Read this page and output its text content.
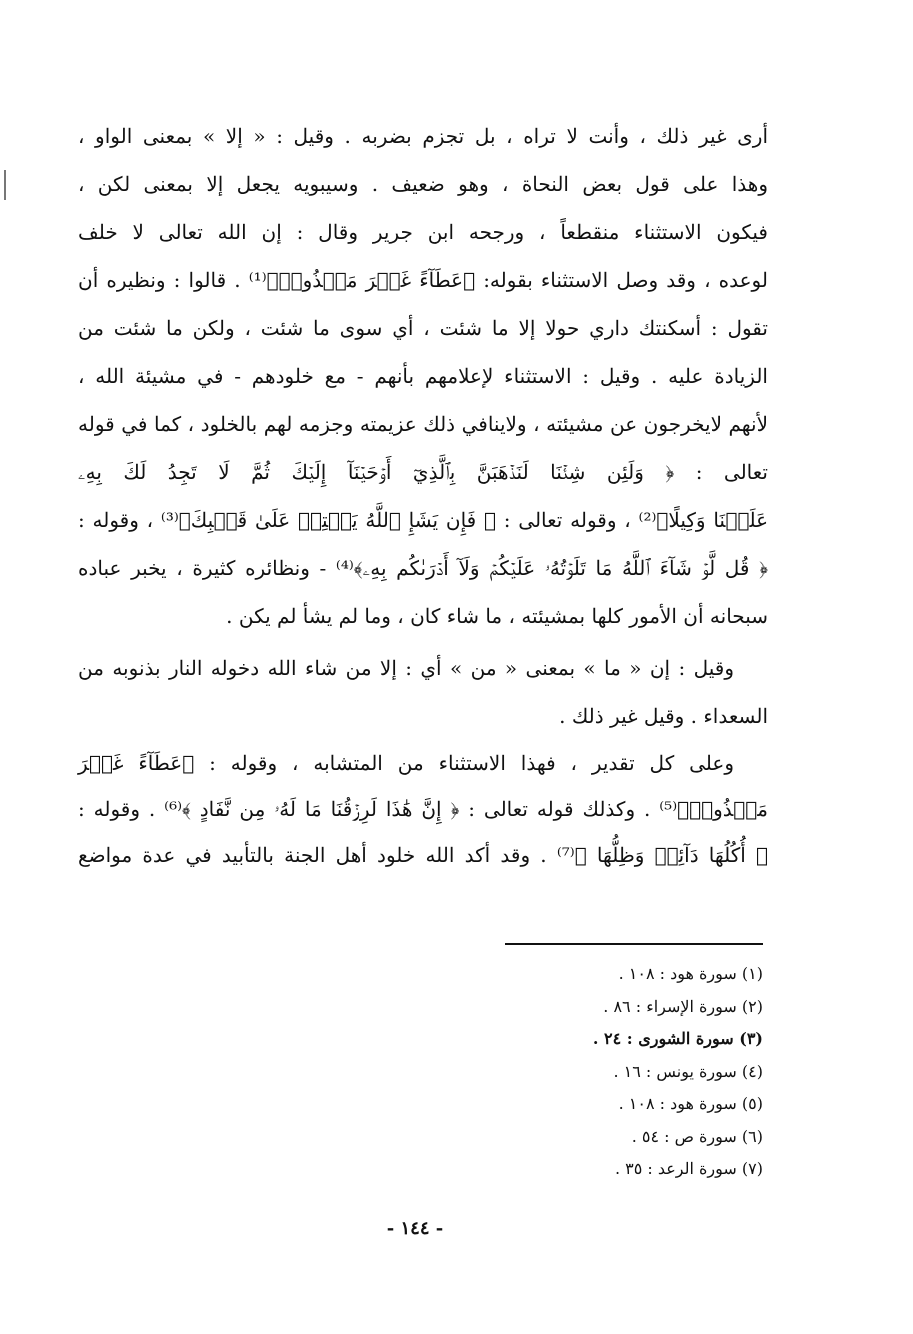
أرى غير ذلك ، وأنت لا تراه ، بل تجزم بضربه . وقيل : « إلا » بمعنى الواو ،
وهذا على قول بعض النحاة ، وهو ضعيف . وسيبويه يجعل إلا بمعنى لكن ،
فيكون الاستثناء منقطعاً ، ورجحه ابن جرير وقال : إن الله تعالى لا خلف
لوعده ، وقد وصل الاستثناء بقوله: ﴿عَطَآءً غَيۡرَ مَجۡذُوذٖ﴾⁽¹⁾ . قالوا : ونظيره أن
تقول : أسكنتك داري حولا إلا ما شئت ، أي سوى ما شئت ، ولكن ما شئت من
الزيادة عليه . وقيل : الاستثناء لإعلامهم بأنهم - مع خلودهم - في مشيئة الله ،
لأنهم لايخرجون عن مشيئته ، ولاينافي ذلك عزيمته وجزمه لهم بالخلود ، كما في قوله
تعالى : ﴿ وَلَئِن شِئۡنَا لَنَذۡهَبَنَّ بِٱلَّذِيٓ أَوۡحَيۡنَآ إِلَيۡكَ ثُمَّ لَا تَجِدُ لَكَ بِهِۦ
عَلَيۡنَا وَكِيلًا﴾⁽²⁾ ، وقوله تعالى : ﴿ فَإِن يَشَإِ ٱللَّهُ يَخۡتِمۡ عَلَىٰ قَلۡبِكَ﴾⁽³⁾ ، وقوله :
﴿ قُل لَّوۡ شَآءَ ٱللَّهُ مَا تَلَوۡتُهُۥ عَلَيۡكُمۡ وَلَآ أَدۡرَىٰكُم بِهِۦ﴾⁽⁴⁾ - ونظائره كثيرة ، يخبر عباده
سبحانه أن الأمور كلها بمشيئته ، ما شاء كان ، وما لم يشأ لم يكن .
وقيل : إن « ما » بمعنى « من » أي : إلا من شاء الله دخوله النار بذنوبه من
السعداء . وقيل غير ذلك .
وعلى كل تقدير ، فهذا الاستثناء من المتشابه ، وقوله : ﴿عَطَآءً غَيۡرَ
مَجۡذُوذٖ﴾⁽⁵⁾ . وكذلك قوله تعالى : ﴿ إِنَّ هَٰذَا لَرِزۡقُنَا مَا لَهُۥ مِن نَّفَادٍ ﴾⁽⁶⁾ . وقوله :
﴿ أُكُلُهَا دَآئِمٞ وَظِلُّهَا ﴾⁽⁷⁾ . وقد أكد الله خلود أهل الجنة بالتأبيد في عدة مواضع
(١) سورة هود : ١٠٨ .
(٢) سورة الإسراء : ٨٦ .
(٣) سورة الشورى : ٢٤ .
(٤) سورة يونس : ١٦ .
(٥) سورة هود : ١٠٨ .
(٦) سورة ص : ٥٤ .
(٧) سورة الرعد : ٣٥ .
- ١٤٤ -
